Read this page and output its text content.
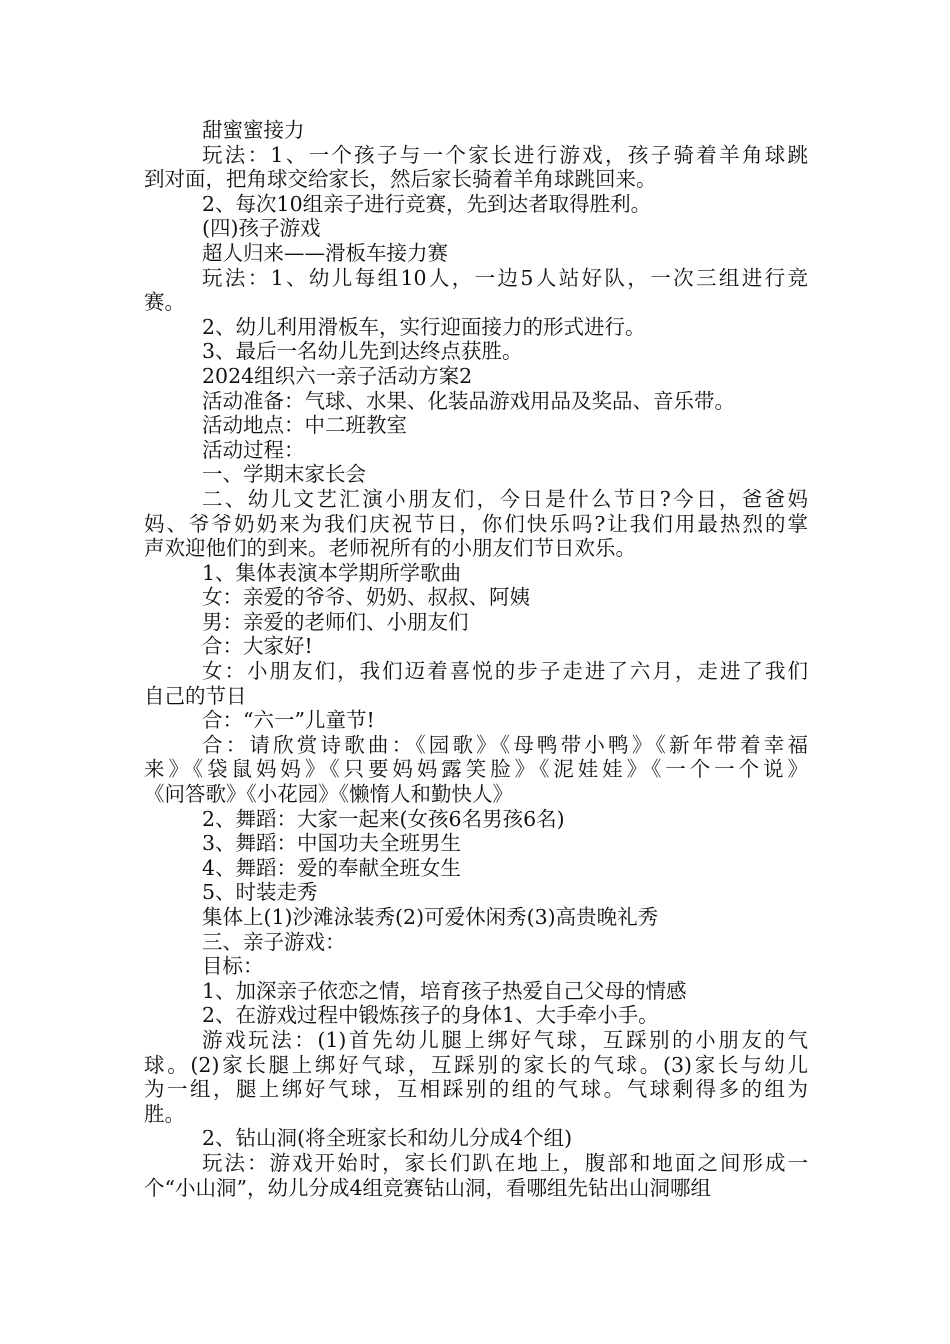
甜蜜蜜接力
玩法：1、一个孩子与一个家长进行游戏，孩子骑着羊角球跳
到对面，把角球交给家长，然后家长骑着羊角球跳回来。
2、每次10组亲子进行竞赛，先到达者取得胜利。
(四)孩子游戏
超人归来——滑板车接力赛
玩法：1、幼儿每组10人，一边5人站好队，一次三组进行竞
赛。
2、幼儿利用滑板车，实行迎面接力的形式进行。
3、最后一名幼儿先到达终点获胜。
2024组织六一亲子活动方案2
活动准备：气球、水果、化装品游戏用品及奖品、音乐带。
活动地点：中二班教室
活动过程：
一、学期末家长会
二、幼儿文艺汇演小朋友们，今日是什么节日?今日，爸爸妈
妈、爷爷奶奶来为我们庆祝节日，你们快乐吗?让我们用最热烈的掌
声欢迎他们的到来。老师祝所有的小朋友们节日欢乐。
1、集体表演本学期所学歌曲
女：亲爱的爷爷、奶奶、叔叔、阿姨
男：亲爱的老师们、小朋友们
合：大家好!
女：小朋友们，我们迈着喜悦的步子走进了六月，走进了我们
自己的节日
合：“六一”儿童节!
合：请欣赏诗歌曲：《园歌》《母鸭带小鸭》《新年带着幸福
来》《袋鼠妈妈》《只要妈妈露笑脸》《泥娃娃》《一个一个说》
《问答歌》《小花园》《懒惰人和勤快人》
2、舞蹈：大家一起来(女孩6名男孩6名)
3、舞蹈：中国功夫全班男生
4、舞蹈：爱的奉献全班女生
5、时装走秀
集体上(1)沙滩泳装秀(2)可爱休闲秀(3)高贵晚礼秀
三、亲子游戏：
目标：
1、加深亲子依恋之情，培育孩子热爱自己父母的情感
2、在游戏过程中锻炼孩子的身体1、大手牵小手。
游戏玩法：(1)首先幼儿腿上绑好气球，互踩别的小朋友的气
球。(2)家长腿上绑好气球，互踩别的家长的气球。(3)家长与幼儿
为一组，腿上绑好气球，互相踩别的组的气球。气球剩得多的组为
胜。
2、钻山洞(将全班家长和幼儿分成4个组)
玩法：游戏开始时，家长们趴在地上，腹部和地面之间形成一
个“小山洞”，幼儿分成4组竞赛钻山洞，看哪组先钻出山洞哪组
